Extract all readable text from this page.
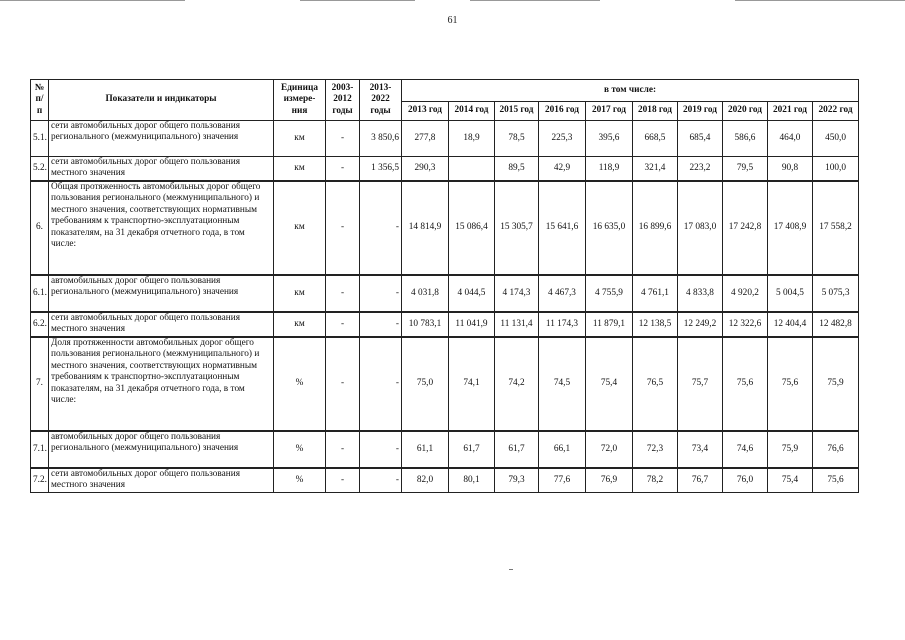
61
№ п/п	Показатели и индикаторы	Единица измере-ния	2003-2012 годы	2013-2022 годы	в том числе:									
					2013 год	2014 год	2015 год	2016 год	2017 год	2018 год	2019 год	2020 год	2021 год	2022 год
5.1.	сети автомобильных дорог общего пользования регионального (межмуниципального) значения	км	-	3 850,6	277,8	18,9	78,5	225,3	395,6	668,5	685,4	586,6	464,0	450,0
5.2.	сети автомобильных дорог общего пользования местного значения	км	-	1 356,5	290,3		89,5	42,9	118,9	321,4	223,2	79,5	90,8	100,0
6.	Общая протяженность автомобильных дорог общего пользования регионального (межмуниципального) и местного значения, соответствующих нормативным требованиям к транспортно-эксплуатационным показателям, на 31 декабря отчетного года, в том числе:	км	-	-	14 814,9	15 086,4	15 305,7	15 641,6	16 635,0	16 899,6	17 083,0	17 242,8	17 408,9	17 558,2
6.1.	автомобильных дорог общего пользования регионального (межмуниципального) значения	км	-	-	4 031,8	4 044,5	4 174,3	4 467,3	4 755,9	4 761,1	4 833,8	4 920,2	5 004,5	5 075,3
6.2.	сети автомобильных дорог общего пользования местного значения	км	-	-	10 783,1	11 041,9	11 131,4	11 174,3	11 879,1	12 138,5	12 249,2	12 322,6	12 404,4	12 482,8
7.	Доля протяженности автомобильных дорог общего пользования регионального (межмуниципального) и местного значения, соответствующих нормативным требованиям к транспортно-эксплуатационным показателям, на 31 декабря отчетного года, в том числе:	%	-	-	75,0	74,1	74,2	74,5	75,4	76,5	75,7	75,6	75,6	75,9
7.1.	автомобильных дорог общего пользования регионального (межмуниципального) значения	%	-	-	61,1	61,7	61,7	66,1	72,0	72,3	73,4	74,6	75,9	76,6
7.2.	сети автомобильных дорог общего пользования местного значения	%	-	-	82,0	80,1	79,3	77,6	76,9	78,2	76,7	76,0	75,4	75,6
